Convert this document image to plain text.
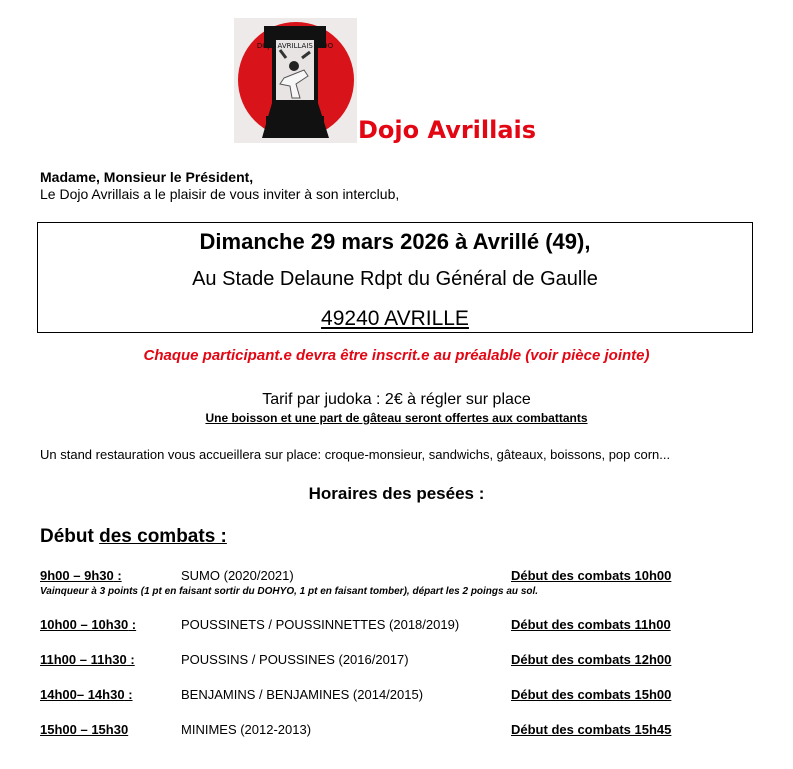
DOJO AVRILLAIS JUDO
Dojo Avrillais
Madame, Monsieur le Président,
Le Dojo Avrillais a le plaisir de vous inviter à son interclub,
Dimanche 29 mars 2026 à Avrillé (49),
Au Stade Delaune Rdpt du Général de Gaulle
49240 AVRILLE
Chaque participant.e devra être inscrit.e au préalable (voir pièce jointe)
Tarif par judoka : 2€ à régler sur place
Une boisson et une part de gâteau seront offertes aux combattants
Un stand restauration vous accueillera sur place: croque-monsieur, sandwichs, gâteaux, boissons, pop corn...
Horaires des pesées :
Début des combats :
9h00 – 9h30 :	SUMO (2020/2021)	Début des combats 10h00
Vainqueur à 3 points (1 pt en faisant sortir du DOHYO, 1 pt en faisant tomber), départ les 2 poings au sol.
10h00 – 10h30 :	POUSSINETS / POUSSINNETTES (2018/2019)	Début des combats 11h00
11h00 – 11h30 :	POUSSINS / POUSSINES (2016/2017)	Début des combats 12h00
14h00– 14h30 :	BENJAMINS / BENJAMINES (2014/2015)	Début des combats 15h00
15h00 – 15h30	MINIMES (2012-2013)	Début des combats 15h45
